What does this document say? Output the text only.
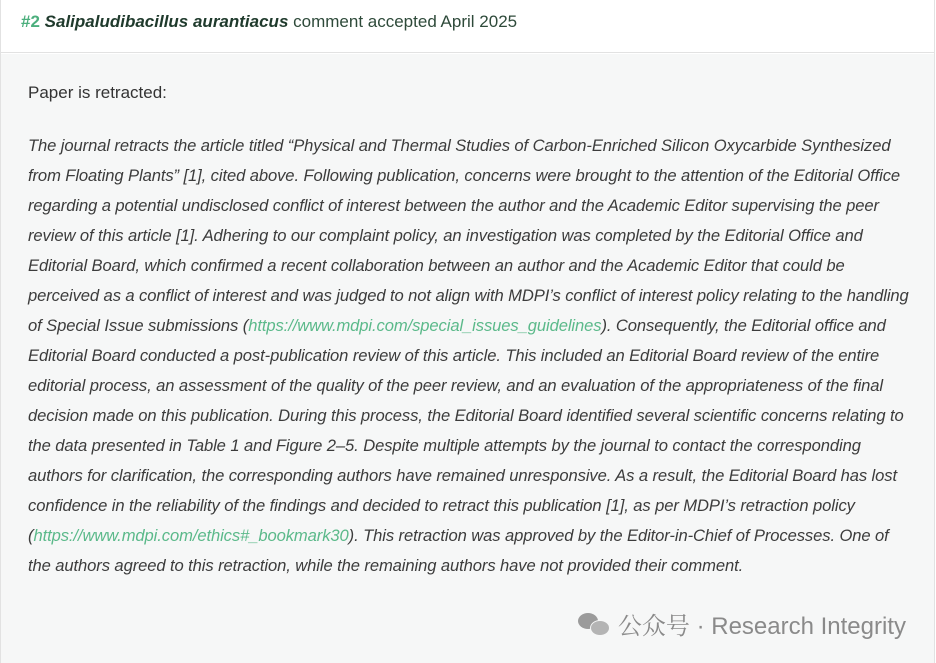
#2 Salipaludibacillus aurantiacus comment accepted April 2025

Paper is retracted:

The journal retracts the article titled “Physical and Thermal Studies of Carbon-Enriched Silicon Oxycarbide Synthesized from Floating Plants” [1], cited above. Following publication, concerns were brought to the attention of the Editorial Office regarding a potential undisclosed conflict of interest between the author and the Academic Editor supervising the peer review of this article [1]. Adhering to our complaint policy, an investigation was completed by the Editorial Office and Editorial Board, which confirmed a recent collaboration between an author and the Academic Editor that could be perceived as a conflict of interest and was judged to not align with MDPI’s conflict of interest policy relating to the handling of Special Issue submissions (https://www.mdpi.com/special_issues_guidelines). Consequently, the Editorial office and Editorial Board conducted a post-publication review of this article. This included an Editorial Board review of the entire editorial process, an assessment of the quality of the peer review, and an evaluation of the appropriateness of the final decision made on this publication. During this process, the Editorial Board identified several scientific concerns relating to the data presented in Table 1 and Figure 2–5. Despite multiple attempts by the journal to contact the corresponding authors for clarification, the corresponding authors have remained unresponsive. As a result, the Editorial Board has lost confidence in the reliability of the findings and decided to retract this publication [1], as per MDPI’s retraction policy (https://www.mdpi.com/ethics#_bookmark30). This retraction was approved by the Editor-in-Chief of Processes. One of the authors agreed to this retraction, while the remaining authors have not provided their comment.

公众号 · Research Integrity
